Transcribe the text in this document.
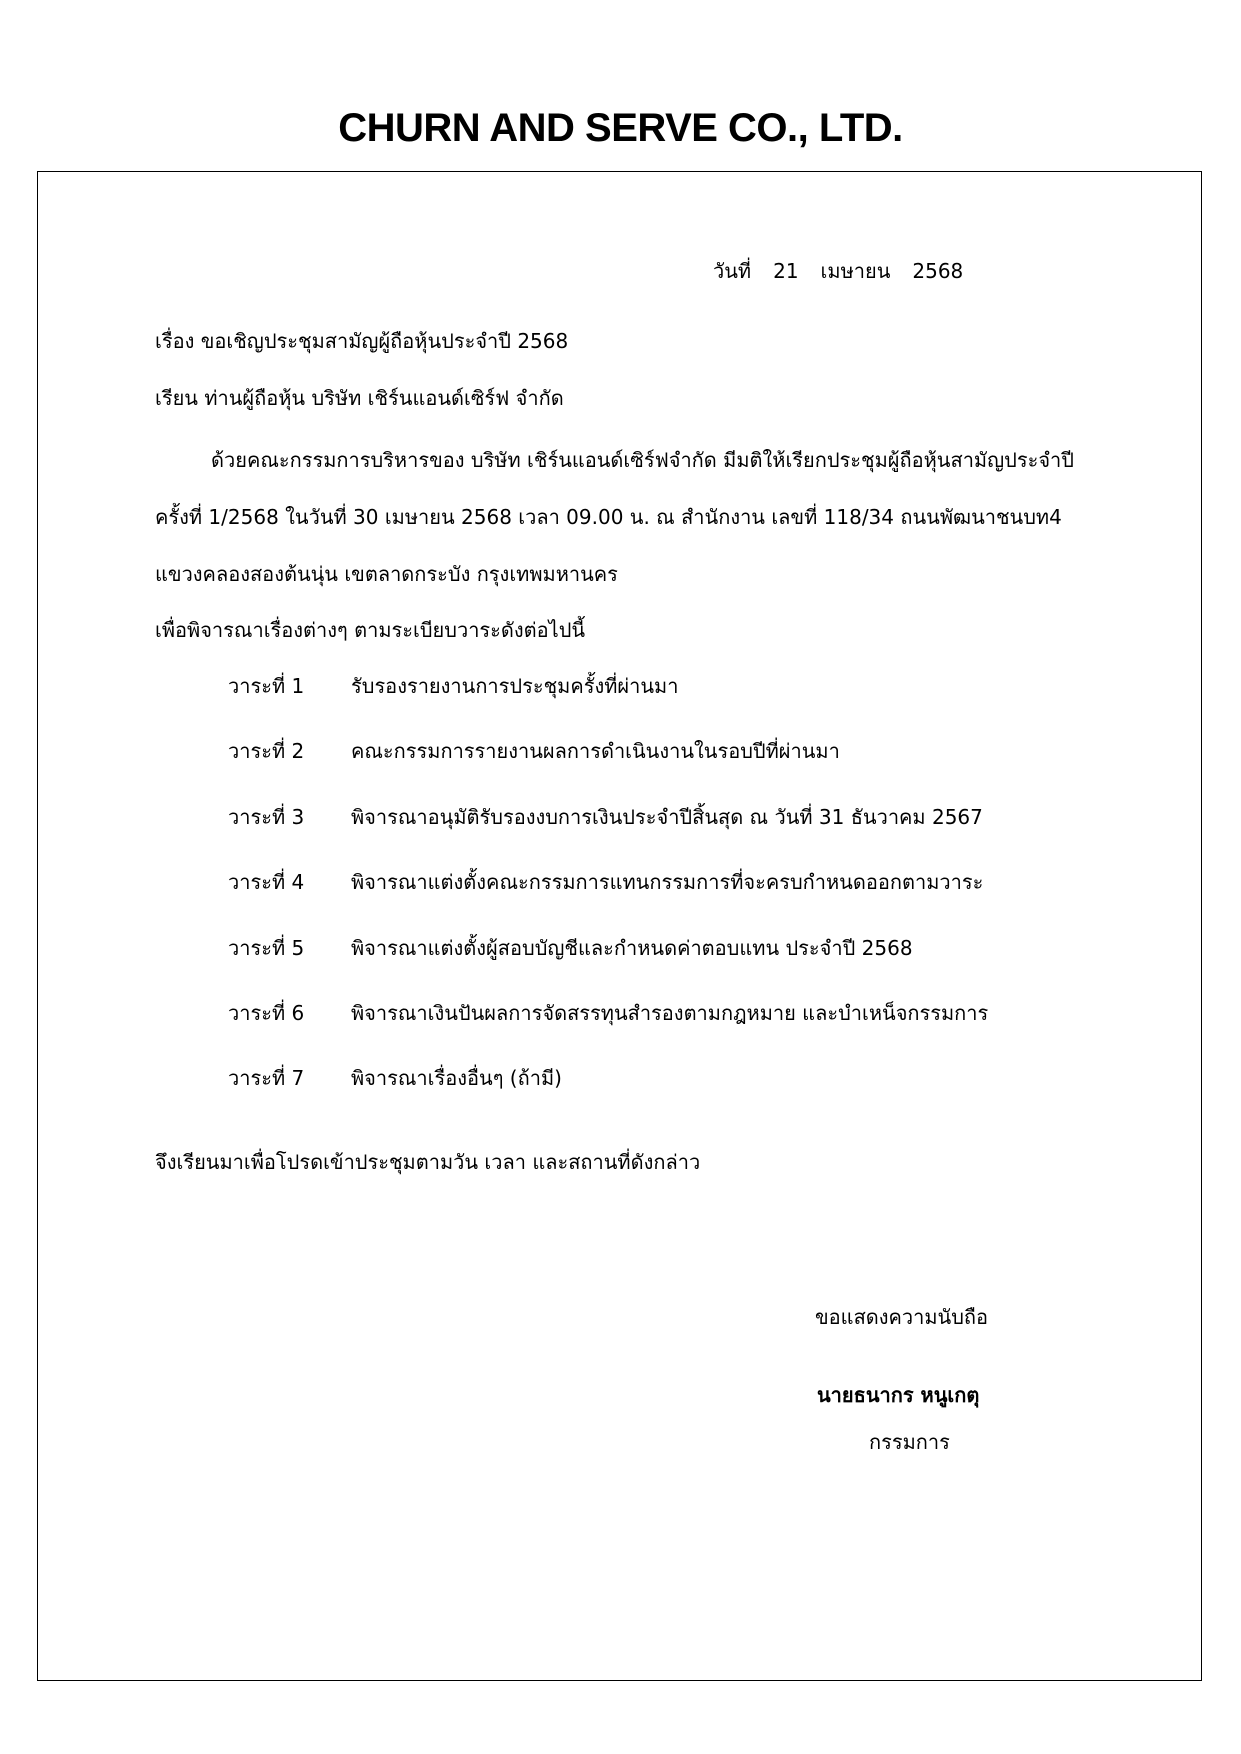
CHURN AND SERVE CO., LTD.
วันที่ 21 เมษายน 2568
เรื่อง ขอเชิญประชุมสามัญผู้ถือหุ้นประจำปี 2568
เรียน ท่านผู้ถือหุ้น บริษัท เชิร์นแอนด์เซิร์ฟ จำกัด
ด้วยคณะกรรมการบริหารของ บริษัท เชิร์นแอนด์เซิร์ฟจำกัด มีมติให้เรียกประชุมผู้ถือหุ้นสามัญประจำปี
ครั้งที่ 1/2568 ในวันที่ 30 เมษายน 2568 เวลา 09.00 น. ณ สำนักงาน เลขที่ 118/34 ถนนพัฒนาชนบท4
แขวงคลองสองต้นนุ่น เขตลาดกระบัง กรุงเทพมหานคร
เพื่อพิจารณาเรื่องต่างๆ ตามระเบียบวาระดังต่อไปนี้
วาระที่ 1 รับรองรายงานการประชุมครั้งที่ผ่านมา
วาระที่ 2 คณะกรรมการรายงานผลการดำเนินงานในรอบปีที่ผ่านมา
วาระที่ 3 พิจารณาอนุมัติรับรองงบการเงินประจำปีสิ้นสุด ณ วันที่ 31 ธันวาคม 2567
วาระที่ 4 พิจารณาแต่งตั้งคณะกรรมการแทนกรรมการที่จะครบกำหนดออกตามวาระ
วาระที่ 5 พิจารณาแต่งตั้งผู้สอบบัญชีและกำหนดค่าตอบแทน ประจำปี 2568
วาระที่ 6 พิจารณาเงินปันผลการจัดสรรทุนสำรองตามกฎหมาย และบำเหน็จกรรมการ
วาระที่ 7 พิจารณาเรื่องอื่นๆ (ถ้ามี)
จึงเรียนมาเพื่อโปรดเข้าประชุมตามวัน เวลา และสถานที่ดังกล่าว
ขอแสดงความนับถือ
นายธนากร หนูเกตุ
กรรมการ
